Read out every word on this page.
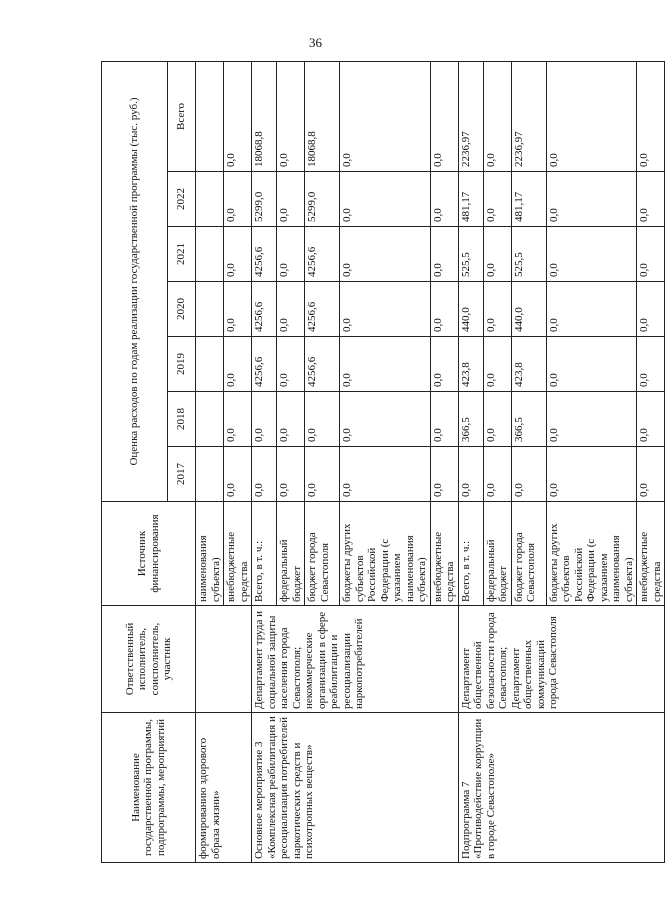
36
Наименование государственной программы, подпрограммы, мероприятий	Ответственный исполнитель, соисполнитель, участник	Источник финансирования	Оценка расходов по годам реализации государственной программы (тыс. руб.)						
			2017	2018	2019	2020	2021	2022	Всего
формированию здорового образа жизни»		наименования субъекта)							
		внебюджетные средства	0,0	0,0	0,0	0,0	0,0	0,0	0,0
Основное мероприятие 3 «Комплексная реабилитация и ресоциализация потребителей наркотических средств и психотропных веществ»	Департамент труда и социальной защиты населения города Севастополя; некоммерческие организации в сфере реабилитации и ресоциализации наркопотребителей	Всего, в т. ч.:	0,0	0,0	4256,6	4256,6	4256,6	5299,0	18068,8
		федеральный бюджет	0,0	0,0	0,0	0,0	0,0	0,0	0,0
		бюджет города Севастополя	0,0	0,0	4256,6	4256,6	4256,6	5299,0	18068,8
		бюджеты других субъектов Российской Федерации (с указанием наименования субъекта)	0,0	0,0	0,0	0,0	0,0	0,0	0,0
		внебюджетные средства	0,0	0,0	0,0	0,0	0,0	0,0	0,0
Подпрограмма 7 «Противодействие коррупции в городе Севастополе»	Департамент общественной безопасности города Севастополя; Департамент общественных коммуникаций города Севастополя	Всего, в т. ч.:	0,0	366,5	423,8	440,0	525,5	481,17	2236,97
		федеральный бюджет	0,0	0,0	0,0	0,0	0,0	0,0	0,0
		бюджет города Севастополя	0,0	366,5	423,8	440,0	525,5	481,17	2236,97
		бюджеты других субъектов Российской Федерации (с указанием наименования субъекта)	0,0	0,0	0,0	0,0	0,0	0,0	0,0
		внебюджетные средства	0,0	0,0	0,0	0,0	0,0	0,0	0,0
